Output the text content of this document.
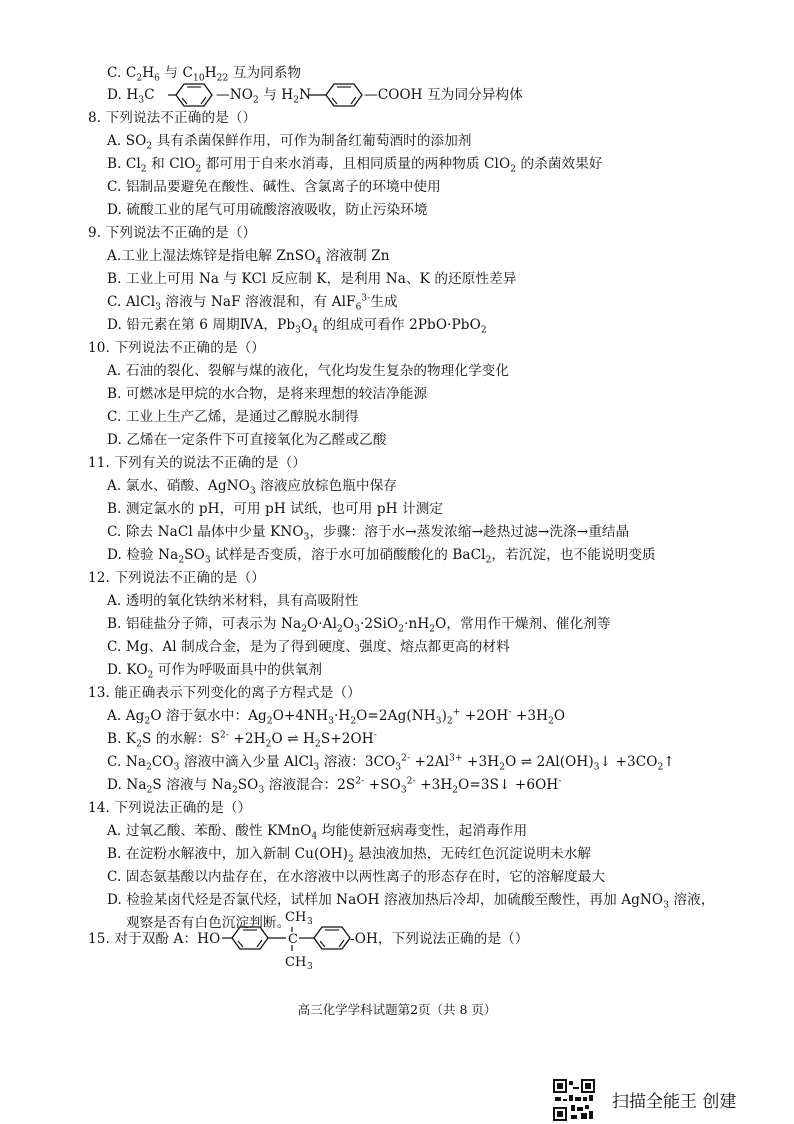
C. $C_2H_6$ 与 $C_{10}H_{22}$ 互为同系物
8. 下列说法不正确的是（）
A. $SO_2$ 具有杀菌保鲜作用，可作为制备红葡萄酒时的添加剂
B. $Cl_2$ 和 ClO$_2$ 都可用于自来水消毒，且相同质量的两种物质 ClO$_2$ 的杀菌效果好
C. 铝制品要避免在酸性、碱性、含氯离子的环境中使用
D. 硫酸工业的尾气可用硫酸溶液吸收，防止污染环境
9. 下列说法不正确的是（）
A.工业上湿法炼锌是指电解 ZnSO$_4$ 溶液制 Zn
B. 工业上可用 Na 与 KCl 反应制 K，是利用 Na、K 的还原性差异
C. AlCl$_3$ 溶液与 NaF 溶液混和，有 AlF$_6^{3-}$生成
D. 铅元素在第 6 周期ⅣA，$Pb_3O_4$ 的组成可看作 2PbO·PbO$_2$
10. 下列说法不正确的是（）
A. 石油的裂化、裂解与煤的液化，气化均发生复杂的物理化学变化
B. 可燃冰是甲烷的水合物，是将来理想的较洁净能源
C. 工业上生产乙烯，是通过乙醇脱水制得
D. 乙烯在一定条件下可直接氧化为乙醛或乙酸
11. 下列有关的说法不正确的是（）
A. 氯水、硝酸、AgNO$_3$ 溶液应放棕色瓶中保存
B. 测定氯水的 pH，可用 pH 试纸，也可用 pH 计测定
C. 除去 NaCl 晶体中少量 $KNO_3$，步骤：溶于水→蒸发浓缩→趁热过滤→洗涤→重结晶
D. 检验 $Na_2SO_3$ 试样是否变质，溶于水可加硝酸酸化的 BaCl$_2$，若沉淀，也不能说明变质
12. 下列说法不正确的是（）
A. 透明的氧化铁纳米材料，具有高吸附性
B. 铝硅盐分子筛，可表示为 $Na_2O\cdot Al_2O_3\cdot 2SiO_2\cdot nH_2O$，常用作干燥剂、催化剂等
C. Mg、Al 制成合金，是为了得到硬度、强度、熔点都更高的材料
D. $KO_2$ 可作为呼吸面具中的供氧剂
13. 能正确表示下列变化的离子方程式是（）
A. $Ag_2O$ 溶于氨水中：$Ag_2O+4NH_3\cdot H_2O=2Ag(NH_3)_2^+ +2OH^- +3H_2O$
B. $K_2S$ 的水解：$S^{2-} +2H_2O$ ⇌ $H_2S+2OH^-$
C. $Na_2CO_3$ 溶液中滴入少量 AlCl$_3$ 溶液：$3CO_3^{2-} +2Al^{3+} +3H_2O$ ⇌ $2Al(OH)_3↓$ $+3CO_2↑$
D. $Na_2S$ 溶液与 $Na_2SO_3$ 溶液混合：$2S^{2-} +SO_3^{2-}$ $+3H_2O=3S↓ +6OH^-$
14. 下列说法正确的是（）
A. 过氧乙酸、苯酚、酸性 KMnO$_4$ 均能使新冠病毒变性，起消毒作用
B. 在淀粉水解液中，加入新制 $Cu(OH)_2$ 悬浊液加热，无砖红色沉淀说明未水解
C. 固态氨基酸以内盐存在，在水溶液中以两性离子的形态存在时，它的溶解度最大
D. 检验某卤代烃是否氯代烃，试样加 NaOH 溶液加热后冷却，加硫酸至酸性，再加 AgNO$_3$ 溶液，
观察是否有白色沉淀判断。
D. $H_3C$	$—NO_2$ 与 $H_2N$	—COOH 互为同分异构体
15. 对于双酚 A：HO	C
CH 3
CH 3
-OH，下列说法正确的是（）
高三化学学科试题第2页（共 8 页）
扫描全能王 创建
